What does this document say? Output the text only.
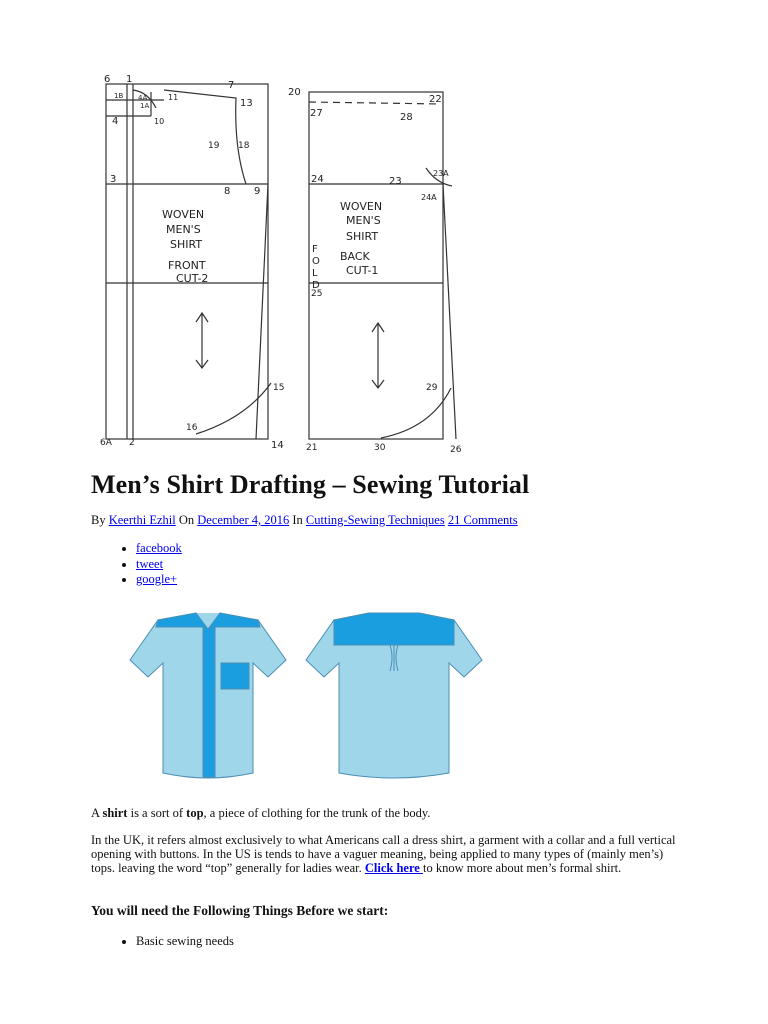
6 1
7
13
1B 4A
1A
11
4	10
19 18
3
8 9
15
16
6A 2	14
20
22
27	28
24	23
23A
24A
25
29
21	30	26
WOVEN
MEN'S
SHIRT
FRONT
CUT-2
WOVEN
MEN'S
SHIRT
BACK
CUT-1
F
O
L
D
Men’s Shirt Drafting – Sewing Tutorial
By Keerthi Ezhil On December 4, 2016 In Cutting-Sewing Techniques 21 Comments
• facebook
• tweet
• google+

A shirt is a sort of top, a piece of clothing for the trunk of the body.

In the UK, it refers almost exclusively to what Americans call a dress shirt, a garment with a collar and a full vertical opening with buttons. In the US is tends to have a vaguer meaning, being applied to many types of (mainly men’s) tops. leaving the word “top” generally for ladies wear. Click here to know more about men’s formal shirt.

You will need the Following Things Before we start:
• Basic sewing needs
